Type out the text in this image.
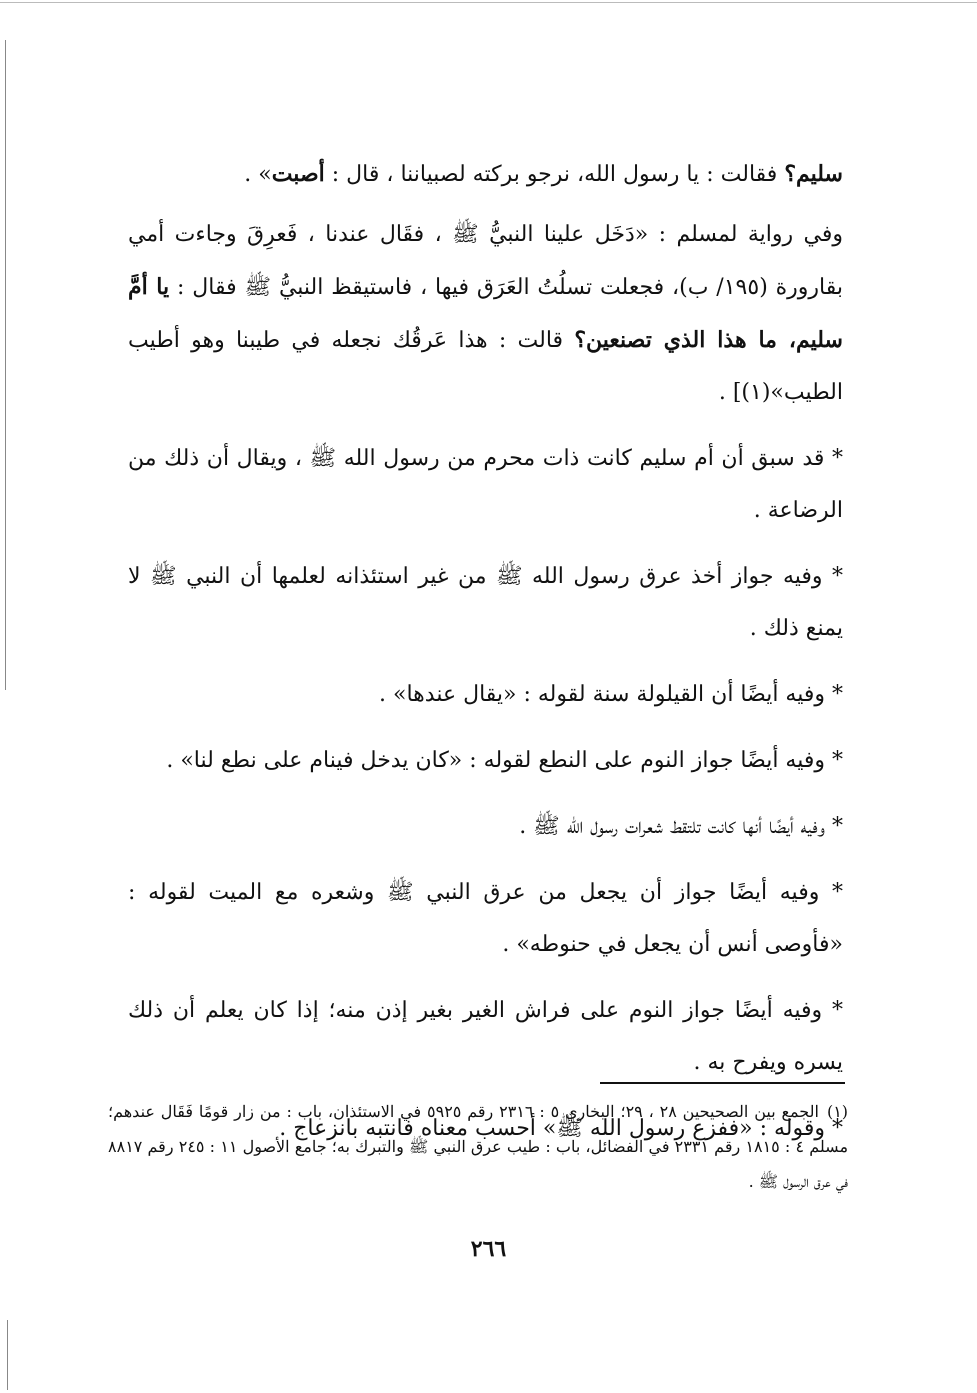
سليم؟ فقالت : يا رسول الله، نرجو بركته لصبياننا ، قال : أصبت» .

وفي رواية لمسلم : «دَخَل علينا النبيُّ ﷺ ، فقَال عندنا ، فَعرِقَ وجاءت أمي بقارورة (١٩٥/ ب)، فجعلت تسلُتُ العَرَق فيها ، فاستيقظ النبيُّ ﷺ فقال : يا أمَّ سليم، ما هذا الذي تصنعين؟ قالت : هذا عَرقُك نجعله في طيبنا وهو أطيب الطيب»(١)] .

* قد سبق أن أم سليم كانت ذات محرم من رسول الله ﷺ ، ويقال أن ذلك من الرضاعة .

* وفيه جواز أخذ عرق رسول الله ﷺ من غير استئذانه لعلمها أن النبي ﷺ لا يمنع ذلك .

* وفيه أيضًا أن القيلولة سنة لقوله : «يقال عندها» .

* وفيه أيضًا جواز النوم على النطع لقوله : «كان يدخل فينام على نطع لنا» .

* وفيه أيضًا أنها كانت تلتقط شعرات رسول الله ﷺ .

* وفيه أيضًا جواز أن يجعل من عرق النبي ﷺ وشعره مع الميت لقوله : «فأوصى أنس أن يجعل في حنوطه» .

* وفيه أيضًا جواز النوم على فراش الغير بغير إذن منه؛ إذا كان يعلم أن ذلك يسره ويفرح به .

* وقوله : «ففزع رسول الله ﷺ» أحسب معناه فانتبه بانزعاج .

(١)الجمع بين الصحيحين ٢٨ ، ٢٩؛ البخاري ٥ : ٢٣١٦ رقم ٥٩٢٥ في الاستئذان، باب : من زار قومًا فَقَال عندهم؛ مسلم ٤ : ١٨١٥ رقم ٢٣٣١ في الفضائل، باب : طيب عرق النبي ﷺ والتبرك به؛ جامع الأصول ١١ : ٢٤٥ رقم ٨٨١٧ في عرق الرسول ﷺ .
٢٦٦
